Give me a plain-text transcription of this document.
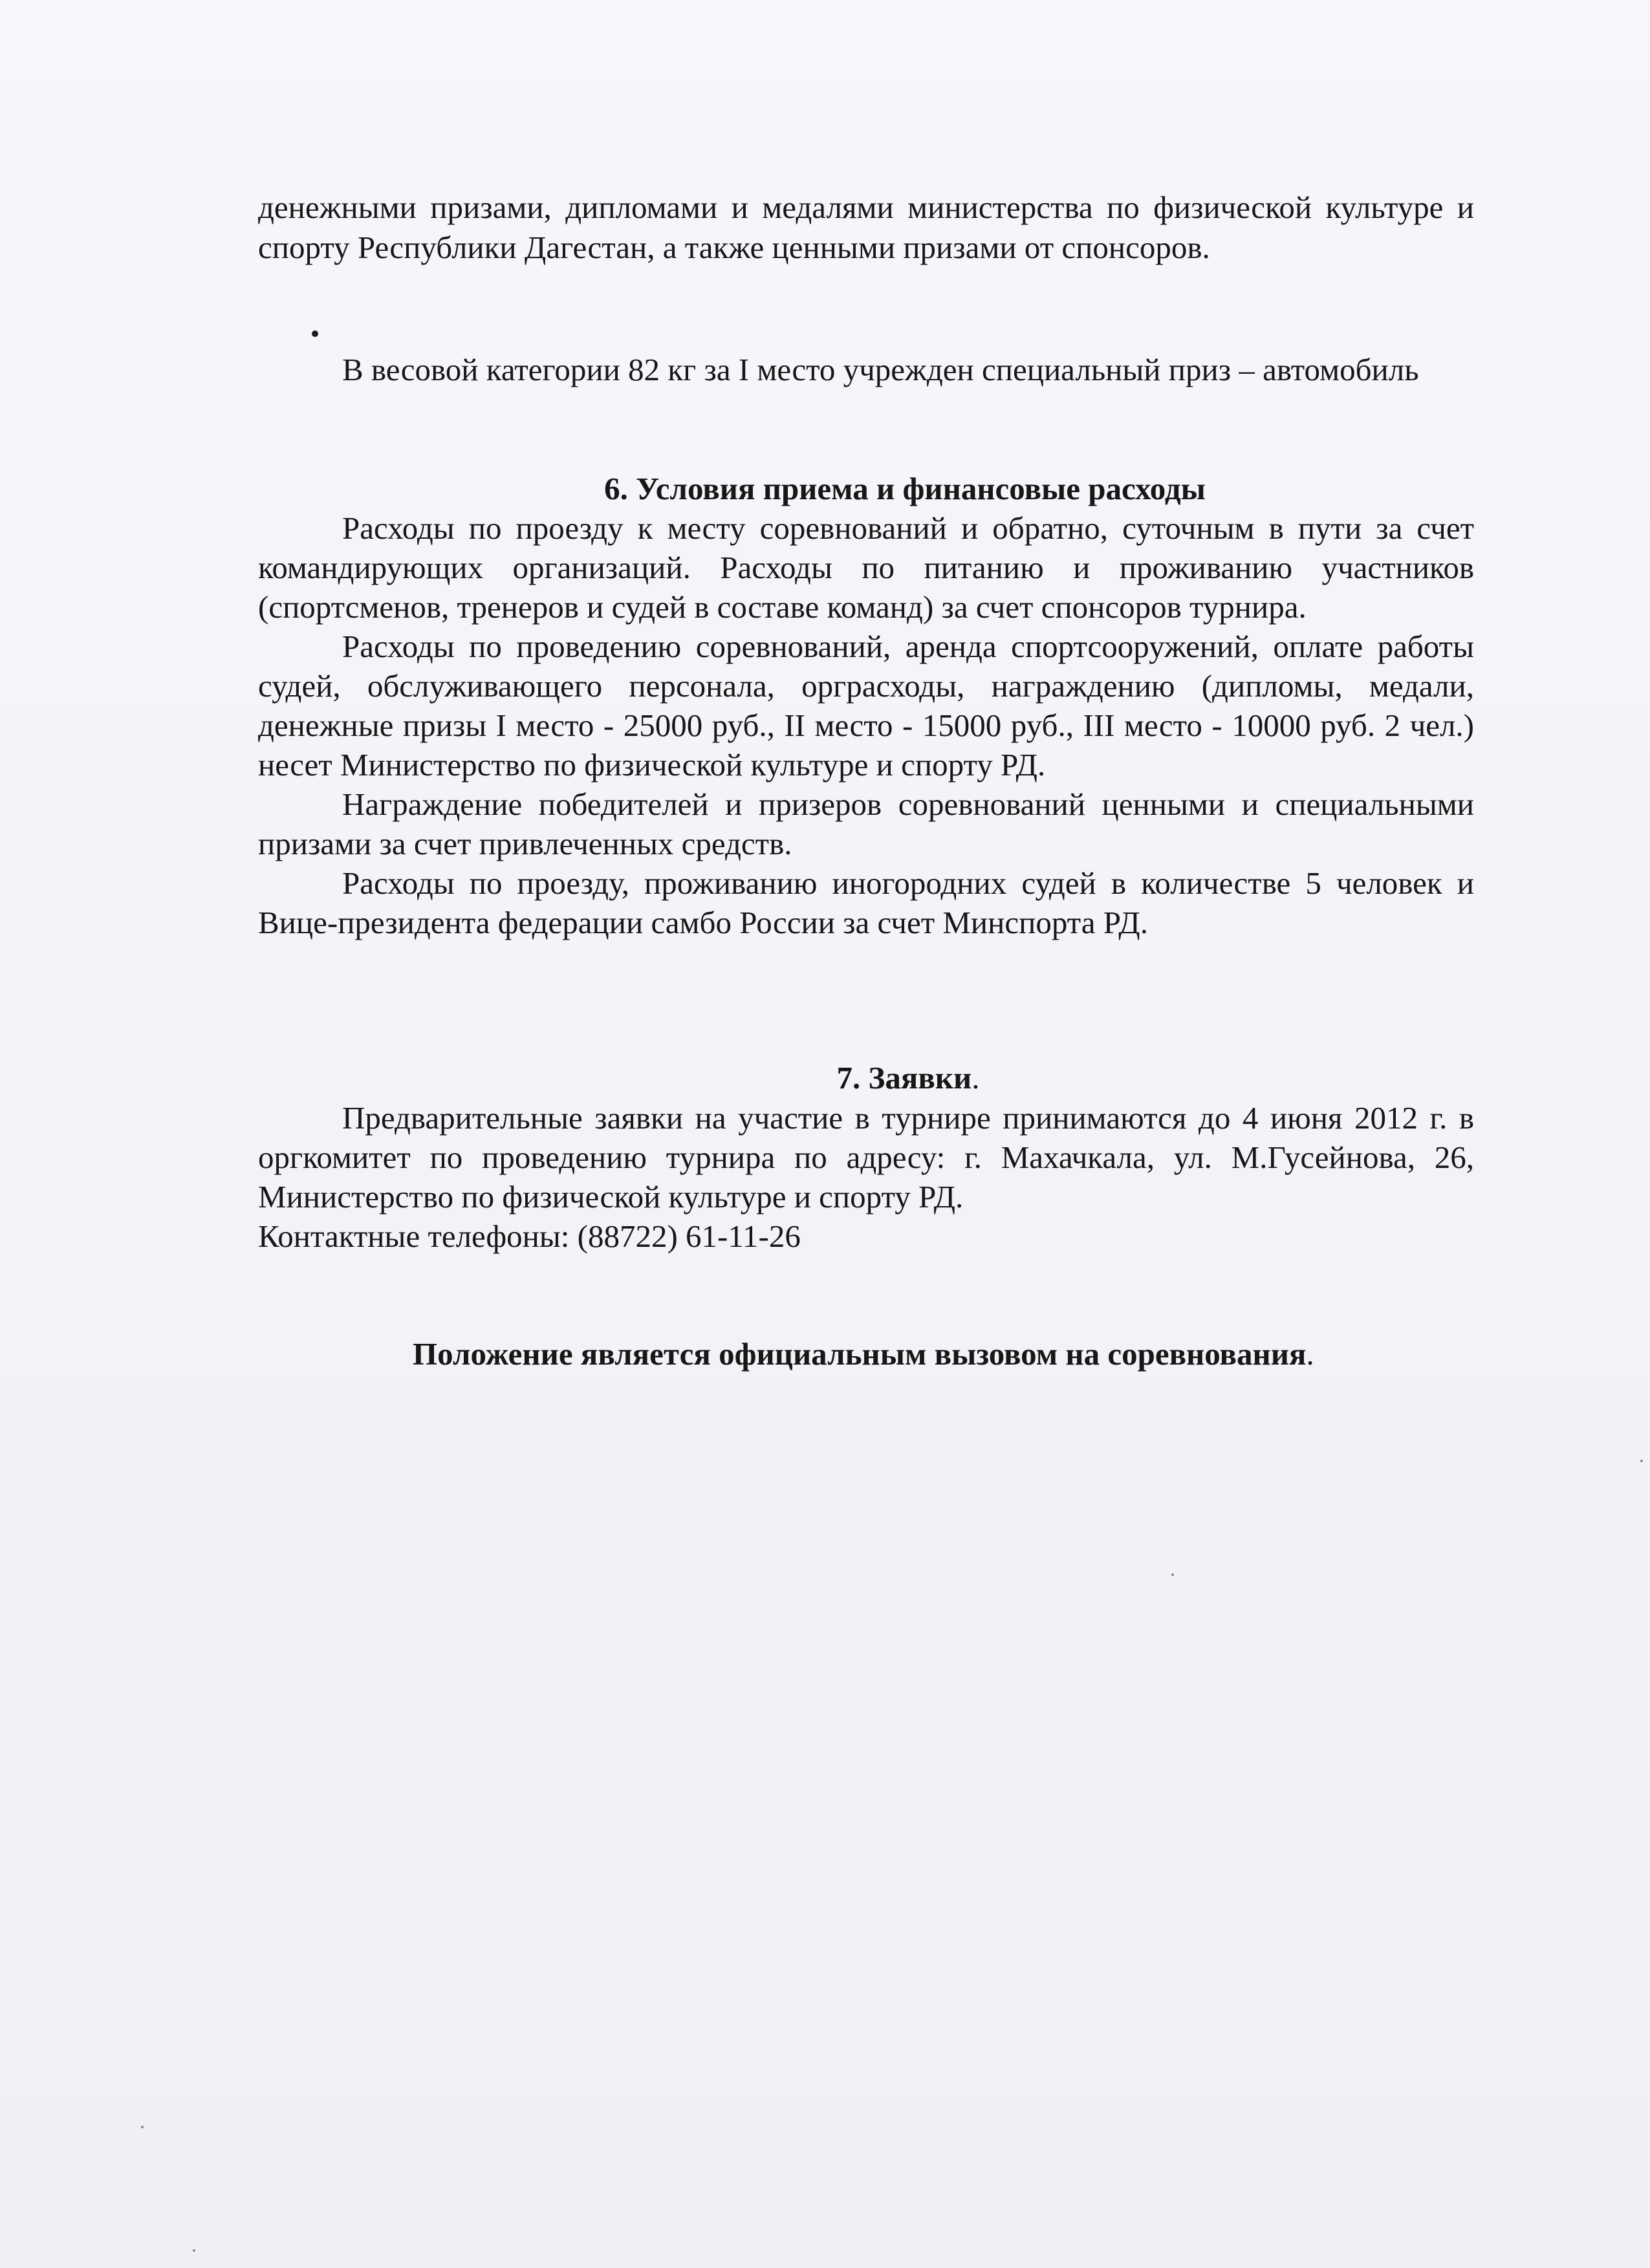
денежными призами, дипломами и медалями министерства по физической культуре и спорту Республики Дагестан, а также ценными призами от спонсоров.

В весовой категории 82 кг за I место учрежден специальный приз – автомобиль

6. Условия приема и финансовые расходы

Расходы по проезду к месту соревнований и обратно, суточным в пути за счет командирующих организаций. Расходы по питанию и проживанию участников (спортсменов, тренеров и судей в составе команд) за счет спонсоров турнира.

Расходы по проведению соревнований, аренда спортсооружений, оплате работы судей, обслуживающего персонала, орграсходы, награждению (дипломы, медали, денежные призы I место - 25000 руб., II место - 15000 руб., III место - 10000 руб. 2 чел.) несет Министерство по физической культуре и спорту РД.

Награждение победителей и призеров соревнований ценными и специальными призами за счет привлеченных средств.

Расходы по проезду, проживанию иногородних судей в количестве 5 человек и Вице-президента федерации самбо России за счет Минспорта РД.

7. Заявки.

Предварительные заявки на участие в турнире принимаются до 4 июня 2012 г. в оргкомитет по проведению турнира по адресу: г. Махачкала, ул. М.Гусейнова, 26, Министерство по физической культуре и спорту РД.

Контактные телефоны: (88722) 61-11-26

Положение является официальным вызовом на соревнования.
